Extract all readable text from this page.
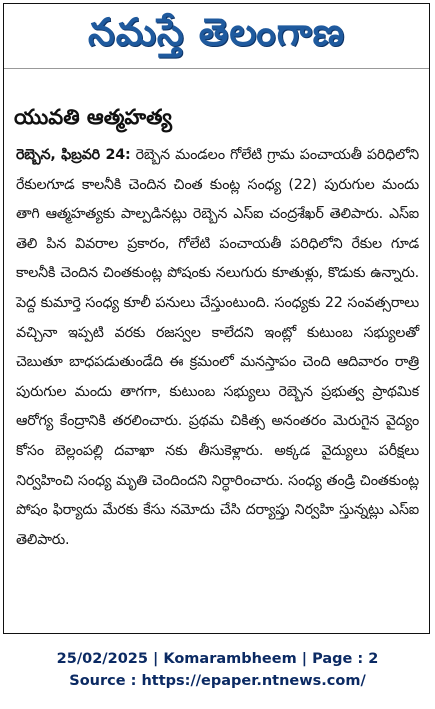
నమస్తే తెలంగాణ
యువతి ఆత్మహత్య
రెబ్బెన, ఫిబ్రవరి 24: రెబ్బెన మండలం గోలేటి గ్రామ పంచాయతీ పరిధిలోని రేకులగూడ కాలనీకి చెందిన చింత కుంట్ల సంధ్య (22) పురుగుల మందు తాగి ఆత్మహత్యకు పాల్పడినట్లు రెబ్బెన ఎస్ఐ చంద్రశేఖర్ తెలిపారు. ఎస్ఐ తెలి పిన వివరాల ప్రకారం, గోలేటి పంచాయతీ పరిధిలోని రేకుల గూడ కాలనీకి చెందిన చింతకుంట్ల పోషంకు నలుగురు కూతుళ్లు, కొడుకు ఉన్నారు. పెద్ద కుమార్తె సంధ్య కూలీ పనులు చేస్తుంటుంది. సంధ్యకు 22 సంవత్సరాలు వచ్చినా ఇప్పటి వరకు రజస్వల కాలేదని ఇంట్లో కుటుంబ సభ్యులతో చెబుతూ బాధపడుతుండేది ఈ క్రమంలో మనస్తాపం చెంది ఆదివారం రాత్రి పురుగుల మందు తాగగా, కుటుంబ సభ్యులు రెబ్బెన ప్రభుత్వ ప్రాథమిక ఆరోగ్య కేంద్రానికి తరలించారు. ప్రథమ చికిత్స అనంతరం మెరుగైన వైద్యం కోసం బెల్లంపల్లి దవాఖా నకు తీసుకెళ్లారు. అక్కడ వైద్యులు పరీక్షలు నిర్వహించి సంధ్య మృతి చెందిందని నిర్ధారించారు. సంధ్య తండ్రి చింతకుంట్ల పోషం ఫిర్యాదు మేరకు కేసు నమోదు చేసి దర్యాప్తు నిర్వహి స్తున్నట్లు ఎస్ఐ తెలిపారు.
25/02/2025 | Komarambheem | Page : 2
Source : https://epaper.ntnews.com/
